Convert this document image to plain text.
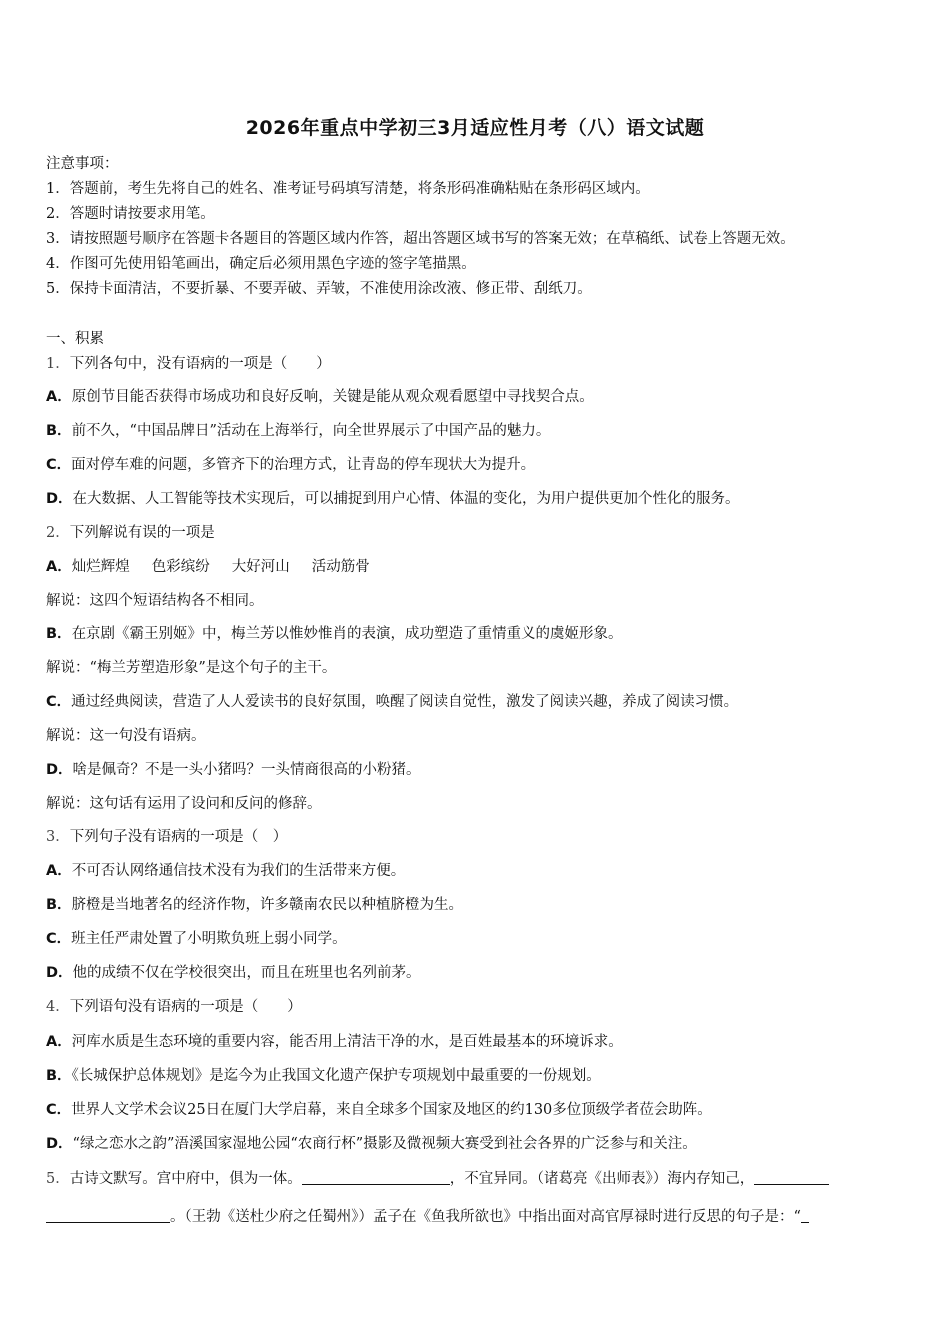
2026年重点中学初三3月适应性月考（八）语文试题
注意事项：
1．答题前，考生先将自己的姓名、准考证号码填写清楚，将条形码准确粘贴在条形码区域内。
2．答题时请按要求用笔。
3．请按照题号顺序在答题卡各题目的答题区域内作答，超出答题区域书写的答案无效；在草稿纸、试卷上答题无效。
4．作图可先使用铅笔画出，确定后必须用黑色字迹的签字笔描黑。
5．保持卡面清洁，不要折暴、不要弄破、弄皱，不准使用涂改液、修正带、刮纸刀。
一、积累
1．下列各句中，没有语病的一项是（　　）
A．原创节目能否获得市场成功和良好反响，关键是能从观众观看愿望中寻找契合点。
B．前不久，“中国品牌日”活动在上海举行，向全世界展示了中国产品的魅力。
C．面对停车难的问题，多管齐下的治理方式，让青岛的停车现状大为提升。
D．在大数据、人工智能等技术实现后，可以捕捉到用户心情、体温的变化，为用户提供更加个性化的服务。
2．下列解说有误的一项是
A．灿烂辉煌 色彩缤纷 大好河山 活动筋骨
解说：这四个短语结构各不相同。
B．在京剧《霸王别姬》中，梅兰芳以惟妙惟肖的表演，成功塑造了重情重义的虞姬形象。
解说：“梅兰芳塑造形象”是这个句子的主干。
C．通过经典阅读，营造了人人爱读书的良好氛围，唤醒了阅读自觉性，激发了阅读兴趣，养成了阅读习惯。
解说：这一句没有语病。
D．啥是佩奇？不是一头小猪吗？一头情商很高的小粉猪。
解说：这句话有运用了设问和反问的修辞。
3．下列句子没有语病的一项是（　）
A．不可否认网络通信技术没有为我们的生活带来方便。
B．脐橙是当地著名的经济作物，许多赣南农民以种植脐橙为生。
C．班主任严肃处置了小明欺负班上弱小同学。
D．他的成绩不仅在学校很突出，而且在班里也名列前茅。
4．下列语句没有语病的一项是（　　）
A．河库水质是生态环境的重要内容，能否用上清洁干净的水，是百姓最基本的环境诉求。
B．《长城保护总体规划》是迄今为止我国文化遗产保护专项规划中最重要的一份规划。
C．世界人文学术会议25日在厦门大学启幕，来自全球多个国家及地区的约130多位顶级学者莅会助阵。
D．“绿之恋水之韵”浯溪国家湿地公园“农商行杯”摄影及微视频大赛受到社会各界的广泛参与和关注。
5．古诗文默写。宫中府中，俱为一体。	，不宜异同。（诸葛亮《出师表》）海内存知己，
。（王勃《送杜少府之任蜀州》）孟子在《鱼我所欲也》中指出面对高官厚禄时进行反思的句子是：“
